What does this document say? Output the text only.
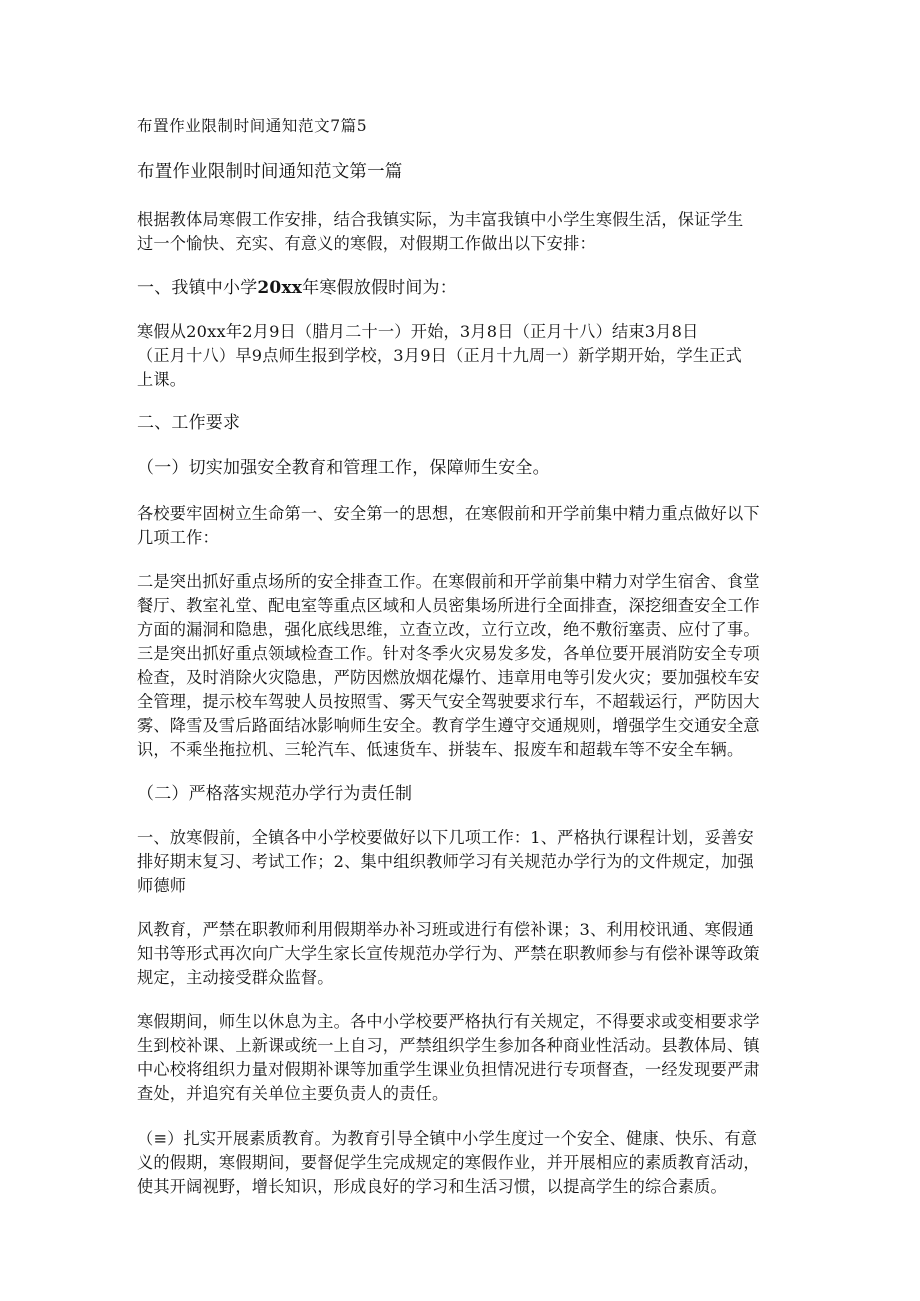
布置作业限制时间通知范文7篇5
布置作业限制时间通知范文第一篇
根据教体局寒假工作安排，结合我镇实际，为丰富我镇中小学生寒假生活，保证学生
过一个愉快、充实、有意义的寒假，对假期工作做出以下安排：
一、我镇中小学20xx年寒假放假时间为：
寒假从20xx年2月9日（腊月二十一）开始，3月8日（正月十八）结束3月8日
（正月十八）早9点师生报到学校，3月9日（正月十九周一）新学期开始，学生正式
上课。
二、工作要求
（一）切实加强安全教育和管理工作，保障师生安全。
各校要牢固树立生命第一、安全第一的思想，在寒假前和开学前集中精力重点做好以下
几项工作：
二是突出抓好重点场所的安全排查工作。在寒假前和开学前集中精力对学生宿舍、食堂
餐厅、教室礼堂、配电室等重点区域和人员密集场所进行全面排查，深挖细查安全工作
方面的漏洞和隐患，强化底线思维，立查立改，立行立改，绝不敷衍塞责、应付了事。
三是突出抓好重点领域检查工作。针对冬季火灾易发多发，各单位要开展消防安全专项
检查，及时消除火灾隐患，严防因燃放烟花爆竹、违章用电等引发火灾；要加强校车安
全管理，提示校车驾驶人员按照雪、雾天气安全驾驶要求行车，不超载运行，严防因大
雾、降雪及雪后路面结冰影响师生安全。教育学生遵守交通规则，增强学生交通安全意
识，不乘坐拖拉机、三轮汽车、低速货车、拼装车、报废车和超载车等不安全车辆。
（二）严格落实规范办学行为责任制
一、放寒假前，全镇各中小学校要做好以下几项工作：1、严格执行课程计划，妥善安
排好期末复习、考试工作；2、集中组织教师学习有关规范办学行为的文件规定，加强
师德师
风教育，严禁在职教师利用假期举办补习班或进行有偿补课；3、利用校讯通、寒假通
知书等形式再次向广大学生家长宣传规范办学行为、严禁在职教师参与有偿补课等政策
规定，主动接受群众监督。
寒假期间，师生以休息为主。各中小学校要严格执行有关规定，不得要求或变相要求学
生到校补课、上新课或统一上自习，严禁组织学生参加各种商业性活动。县教体局、镇
中心校将组织力量对假期补课等加重学生课业负担情况进行专项督查，一经发现要严肃
查处，并追究有关单位主要负责人的责任。
（≡）扎实开展素质教育。为教育引导全镇中小学生度过一个安全、健康、快乐、有意
义的假期，寒假期间，要督促学生完成规定的寒假作业，并开展相应的素质教育活动，
使其开阔视野，增长知识，形成良好的学习和生活习惯，以提高学生的综合素质。
